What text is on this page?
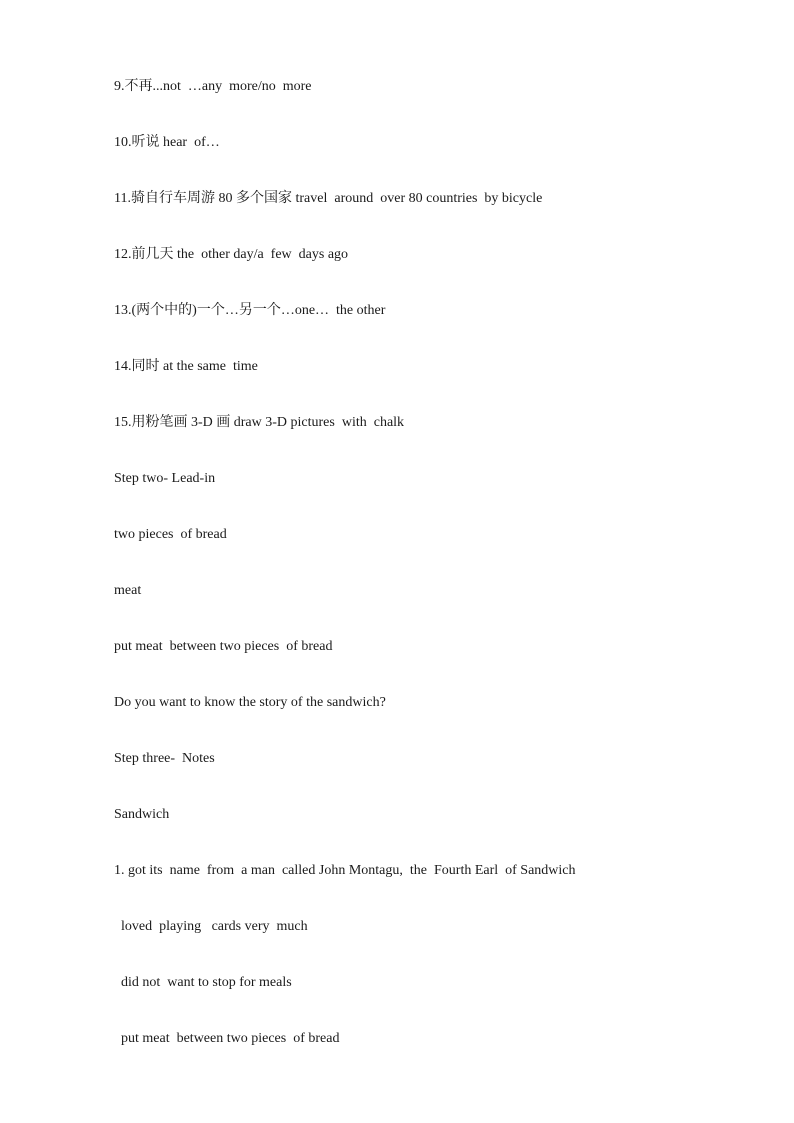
9.不再...not  …any  more/no  more
10.听说 hear  of…
11.骑自行车周游 80 多个国家 travel  around  over 80 countries  by bicycle
12.前几天 the  other day/a  few  days ago
13.(两个中的)一个…另一个…one…  the other
14.同时 at the same  time
15.用粉笔画 3-D 画 draw 3-D pictures  with  chalk
Step two- Lead-in
two pieces  of bread
meat
put meat  between two pieces  of bread
Do you want to know the story of the sandwich?
Step three-  Notes
Sandwich
1. got its  name  from  a man  called John Montagu,  the  Fourth Earl  of Sandwich
loved  playing   cards very  much
did not  want to stop for meals
put meat  between two pieces  of bread
